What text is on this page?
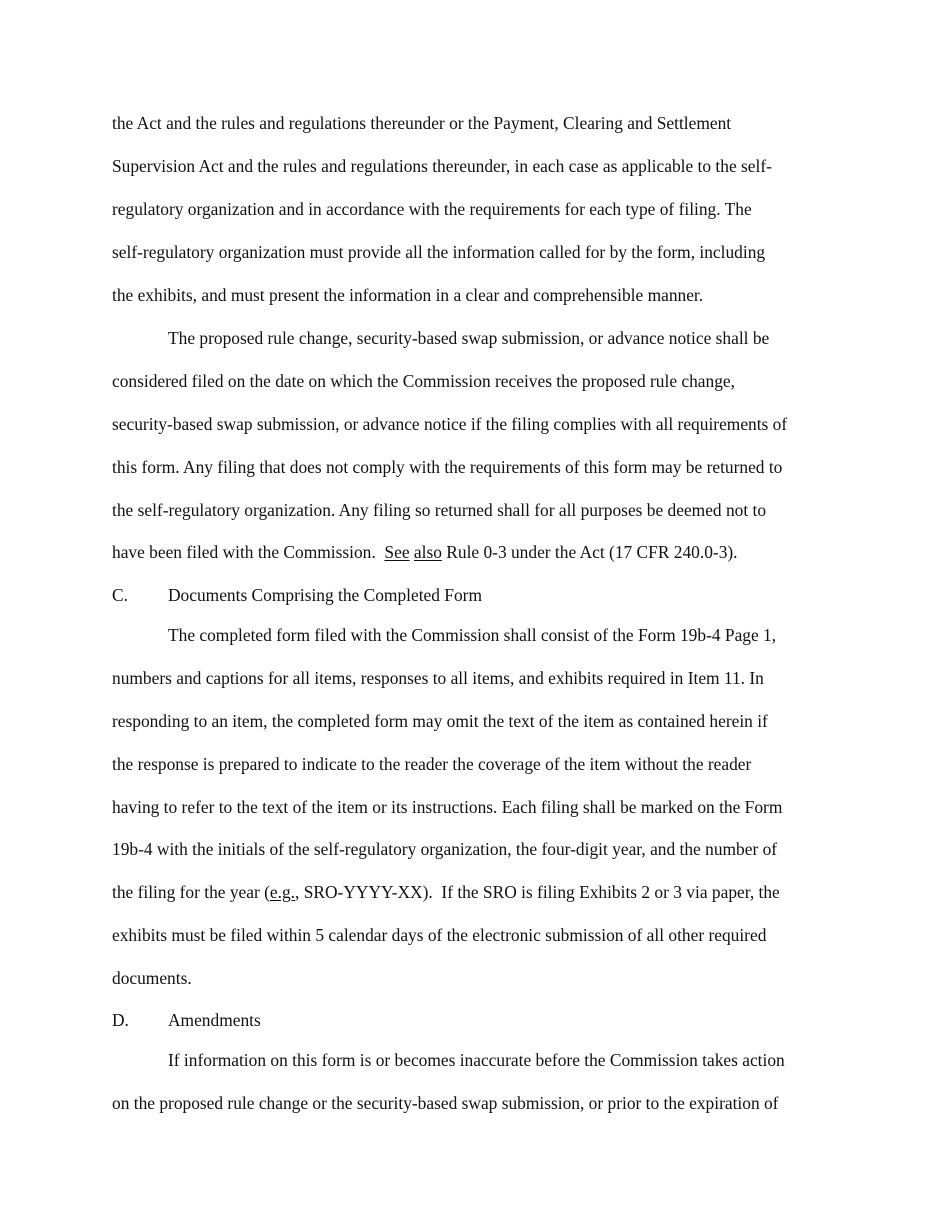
the Act and the rules and regulations thereunder or the Payment, Clearing and Settlement
Supervision Act and the rules and regulations thereunder, in each case as applicable to the self-
regulatory organization and in accordance with the requirements for each type of filing. The
self-regulatory organization must provide all the information called for by the form, including
the exhibits, and must present the information in a clear and comprehensible manner.
The proposed rule change, security-based swap submission, or advance notice shall be
considered filed on the date on which the Commission receives the proposed rule change,
security-based swap submission, or advance notice if the filing complies with all requirements of
this form. Any filing that does not comply with the requirements of this form may be returned to
the self-regulatory organization. Any filing so returned shall for all purposes be deemed not to
have been filed with the Commission.  See also Rule 0-3 under the Act (17 CFR 240.0-3).
C. Documents Comprising the Completed Form
The completed form filed with the Commission shall consist of the Form 19b-4 Page 1,
numbers and captions for all items, responses to all items, and exhibits required in Item 11. In
responding to an item, the completed form may omit the text of the item as contained herein if
the response is prepared to indicate to the reader the coverage of the item without the reader
having to refer to the text of the item or its instructions. Each filing shall be marked on the Form
19b-4 with the initials of the self-regulatory organization, the four-digit year, and the number of
the filing for the year (e.g., SRO-YYYY-XX).  If the SRO is filing Exhibits 2 or 3 via paper, the
exhibits must be filed within 5 calendar days of the electronic submission of all other required
documents.
D. Amendments
If information on this form is or becomes inaccurate before the Commission takes action
on the proposed rule change or the security-based swap submission, or prior to the expiration of
